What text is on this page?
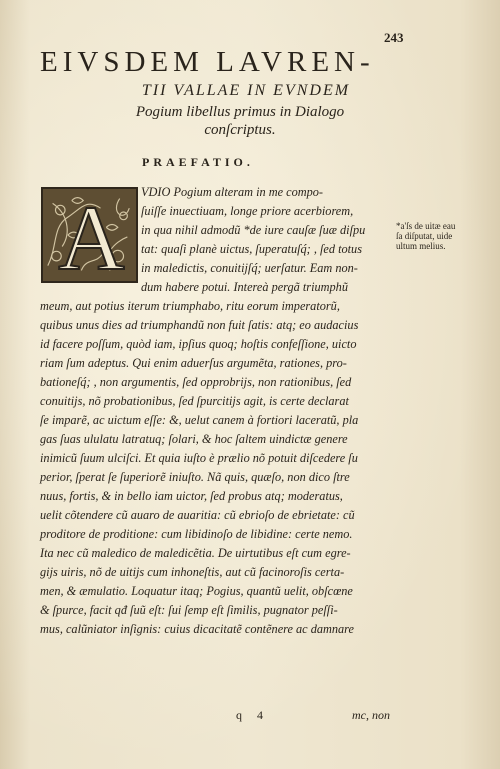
243
EIVSDEM LAVREN-
TII VALLAE IN EVNDEM
Pogium libellus primus in Dialogo
conſcriptus.
PRAEFATIO.
A	VDIO Pogium alteram in me compo-
ſuiſſe inuectiuam, longe priore acerbiorem,
in qua nihil admodũ *de iure cauſæ ſuæ diſpu
tat: quaſi planè uictus, ſuperatuſq́; , ſed totus
in maledictis, conuitijſq́; uerſatur. Eam non-
dum habere potui. Intereà pergã triumphũ
meum, aut potius iterum triumphabo, ritu eorum imperatorũ,
quibus unus dies ad triumphandũ non fuit ſatis: atq; eo audacius
id facere poſſum, quòd iam, ipſius quoq; hoſtis confeſſione, uicto
riam ſum adeptus. Qui enim aduerſus argumẽta, rationes, pro-
bationeſq́; , non argumentis, ſed opprobrijs, non rationibus, ſed
conuitijs, nõ probationibus, ſed ſpurcitijs agit, is certe declarat
ſe imparẽ, ac uictum eſſe: &, uelut canem à fortiori laceratũ, pla
gas ſuas ululatu latratuq; ſolari, & hoc ſaltem uindictæ genere
inimicũ ſuum ulciſci. Et quia iuſto è prælio nõ potuit diſcedere ſu
perior, ſperat ſe ſuperiorẽ iniuſto. Nã quis, quæſo, non dico ſtre
nuus, fortis, & in bello iam uictor, ſed probus atq; moderatus,
uelit cõtendere cũ auaro de auaritia: cũ ebrioſo de ebrietate: cũ
proditore de proditione: cum libidinoſo de libidine: certe nemo.
Ita nec cũ maledico de maledicẽtia. De uirtutibus eſt cum egre-
gijs uiris, nõ de uitijs cum inhoneſtis, aut cũ facinoroſis certa-
men, & æmulatio. Loquatur itaq; Pogius, quantũ uelit, obſcœne
& ſpurce, facit qđ ſuũ eſt: ſui ſemp eſt ſimilis, pugnator peſſi-
mus, calũniator inſignis: cuius dicacitatẽ contẽnere ac damnare
*a'ſs de uitæ eau
ſa diſputat, uide
ultum melius.
q 4	mc, non
